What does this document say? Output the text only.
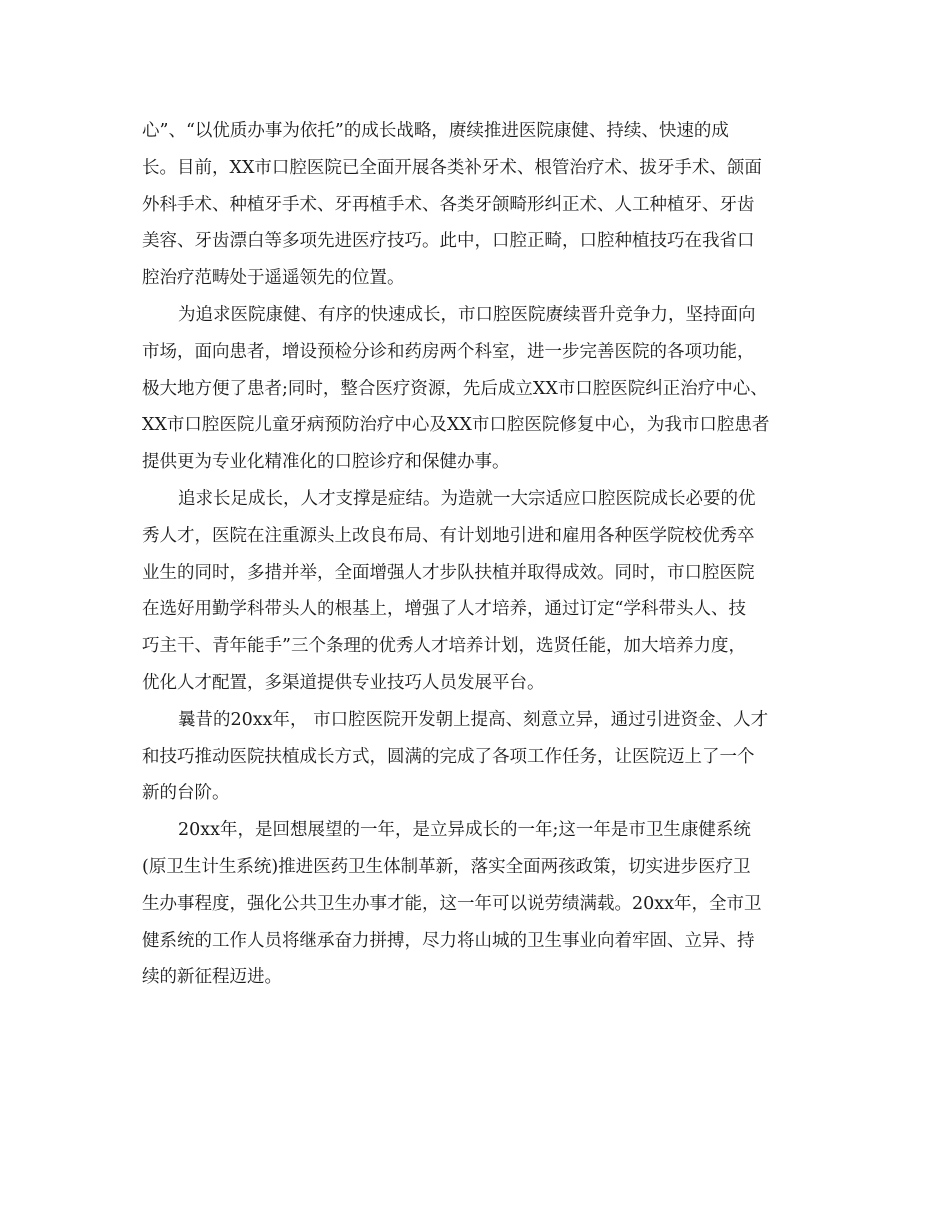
心”、“以优质办事为依托”的成长战略，赓续推进医院康健、持续、快速的成
长。目前，XX市口腔医院已全面开展各类补牙术、根管治疗术、拔牙手术、颌面
外科手术、种植牙手术、牙再植手术、各类牙颌畸形纠正术、人工种植牙、牙齿
美容、牙齿漂白等多项先进医疗技巧。此中，口腔正畸，口腔种植技巧在我省口
腔治疗范畴处于遥遥领先的位置。
为追求医院康健、有序的快速成长，市口腔医院赓续晋升竞争力，坚持面向
市场，面向患者，增设预检分诊和药房两个科室，进一步完善医院的各项功能，
极大地方便了患者;同时，整合医疗资源，先后成立XX市口腔医院纠正治疗中心、
XX市口腔医院儿童牙病预防治疗中心及XX市口腔医院修复中心，为我市口腔患者
提供更为专业化精准化的口腔诊疗和保健办事。
追求长足成长，人才支撑是症结。为造就一大宗适应口腔医院成长必要的优
秀人才，医院在注重源头上改良布局、有计划地引进和雇用各种医学院校优秀卒
业生的同时，多措并举，全面增强人才步队扶植并取得成效。同时，市口腔医院
在选好用勤学科带头人的根基上，增强了人才培养，通过订定“学科带头人、技
巧主干、青年能手”三个条理的优秀人才培养计划，选贤任能，加大培养力度，
优化人才配置，多渠道提供专业技巧人员发展平台。
曩昔的20xx年， 市口腔医院开发朝上提高、刻意立异，通过引进资金、人才
和技巧推动医院扶植成长方式，圆满的完成了各项工作任务，让医院迈上了一个
新的台阶。
20xx年，是回想展望的一年，是立异成长的一年;这一年是市卫生康健系统
(原卫生计生系统)推进医药卫生体制革新，落实全面两孩政策，切实进步医疗卫
生办事程度，强化公共卫生办事才能，这一年可以说劳绩满载。20xx年，全市卫
健系统的工作人员将继承奋力拼搏，尽力将山城的卫生事业向着牢固、立异、持
续的新征程迈进。
